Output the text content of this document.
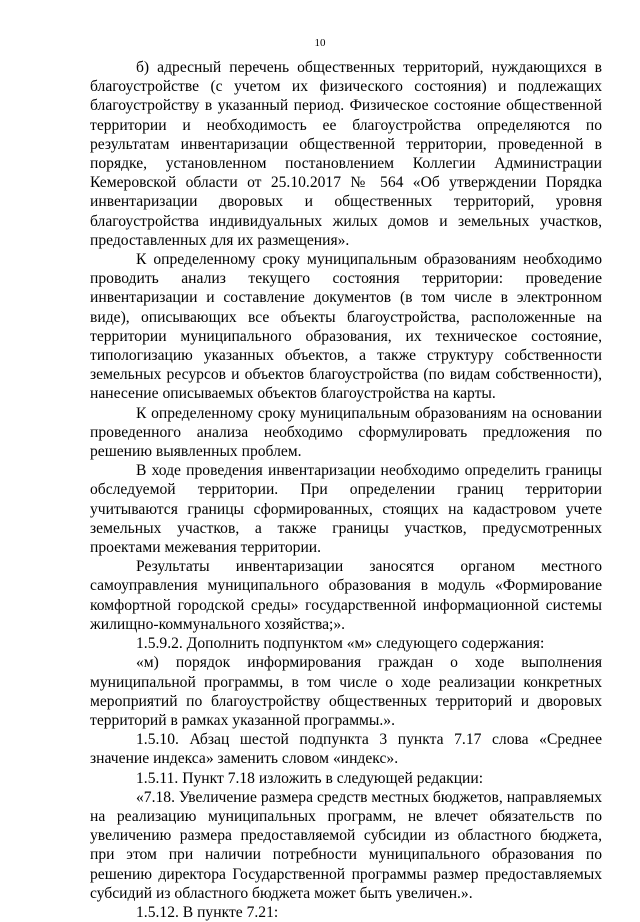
10

б) адресный перечень общественных территорий, нуждающихся в благоустройстве (с учетом их физического состояния) и подлежащих благоустройству в указанный период. Физическое состояние общественной территории и необходимость ее благоустройства определяются по результатам инвентаризации общественной территории, проведенной в порядке, установленном постановлением Коллегии Администрации Кемеровской области от 25.10.2017 № 564 «Об утверждении Порядка инвентаризации дворовых и общественных территорий, уровня благоустройства индивидуальных жилых домов и земельных участков, предоставленных для их размещения».

К определенному сроку муниципальным образованиям необходимо проводить анализ текущего состояния территории: проведение инвентаризации и составление документов (в том числе в электронном виде), описывающих все объекты благоустройства, расположенные на территории муниципального образования, их техническое состояние, типологизацию указанных объектов, а также структуру собственности земельных ресурсов и объектов благоустройства (по видам собственности), нанесение описываемых объектов благоустройства на карты.

К определенному сроку муниципальным образованиям на основании проведенного анализа необходимо сформулировать предложения по решению выявленных проблем.

В ходе проведения инвентаризации необходимо определить границы обследуемой территории. При определении границ территории учитываются границы сформированных, стоящих на кадастровом учете земельных участков, а также границы участков, предусмотренных проектами межевания территории.

Результаты инвентаризации заносятся органом местного самоуправления муниципального образования в модуль «Формирование комфортной городской среды» государственной информационной системы жилищно-коммунального хозяйства;».

1.5.9.2. Дополнить подпунктом «м» следующего содержания:

«м) порядок информирования граждан о ходе выполнения муниципальной программы, в том числе о ходе реализации конкретных мероприятий по благоустройству общественных территорий и дворовых территорий в рамках указанной программы.».

1.5.10. Абзац шестой подпункта 3 пункта 7.17 слова «Среднее значение индекса» заменить словом «индекс».

1.5.11. Пункт 7.18 изложить в следующей редакции:

«7.18. Увеличение размера средств местных бюджетов, направляемых на реализацию муниципальных программ, не влечет обязательств по увеличению размера предоставляемой субсидии из областного бюджета, при этом при наличии потребности муниципального образования по решению директора Государственной программы размер предоставляемых субсидий из областного бюджета может быть увеличен.».

1.5.12. В пункте 7.21:
